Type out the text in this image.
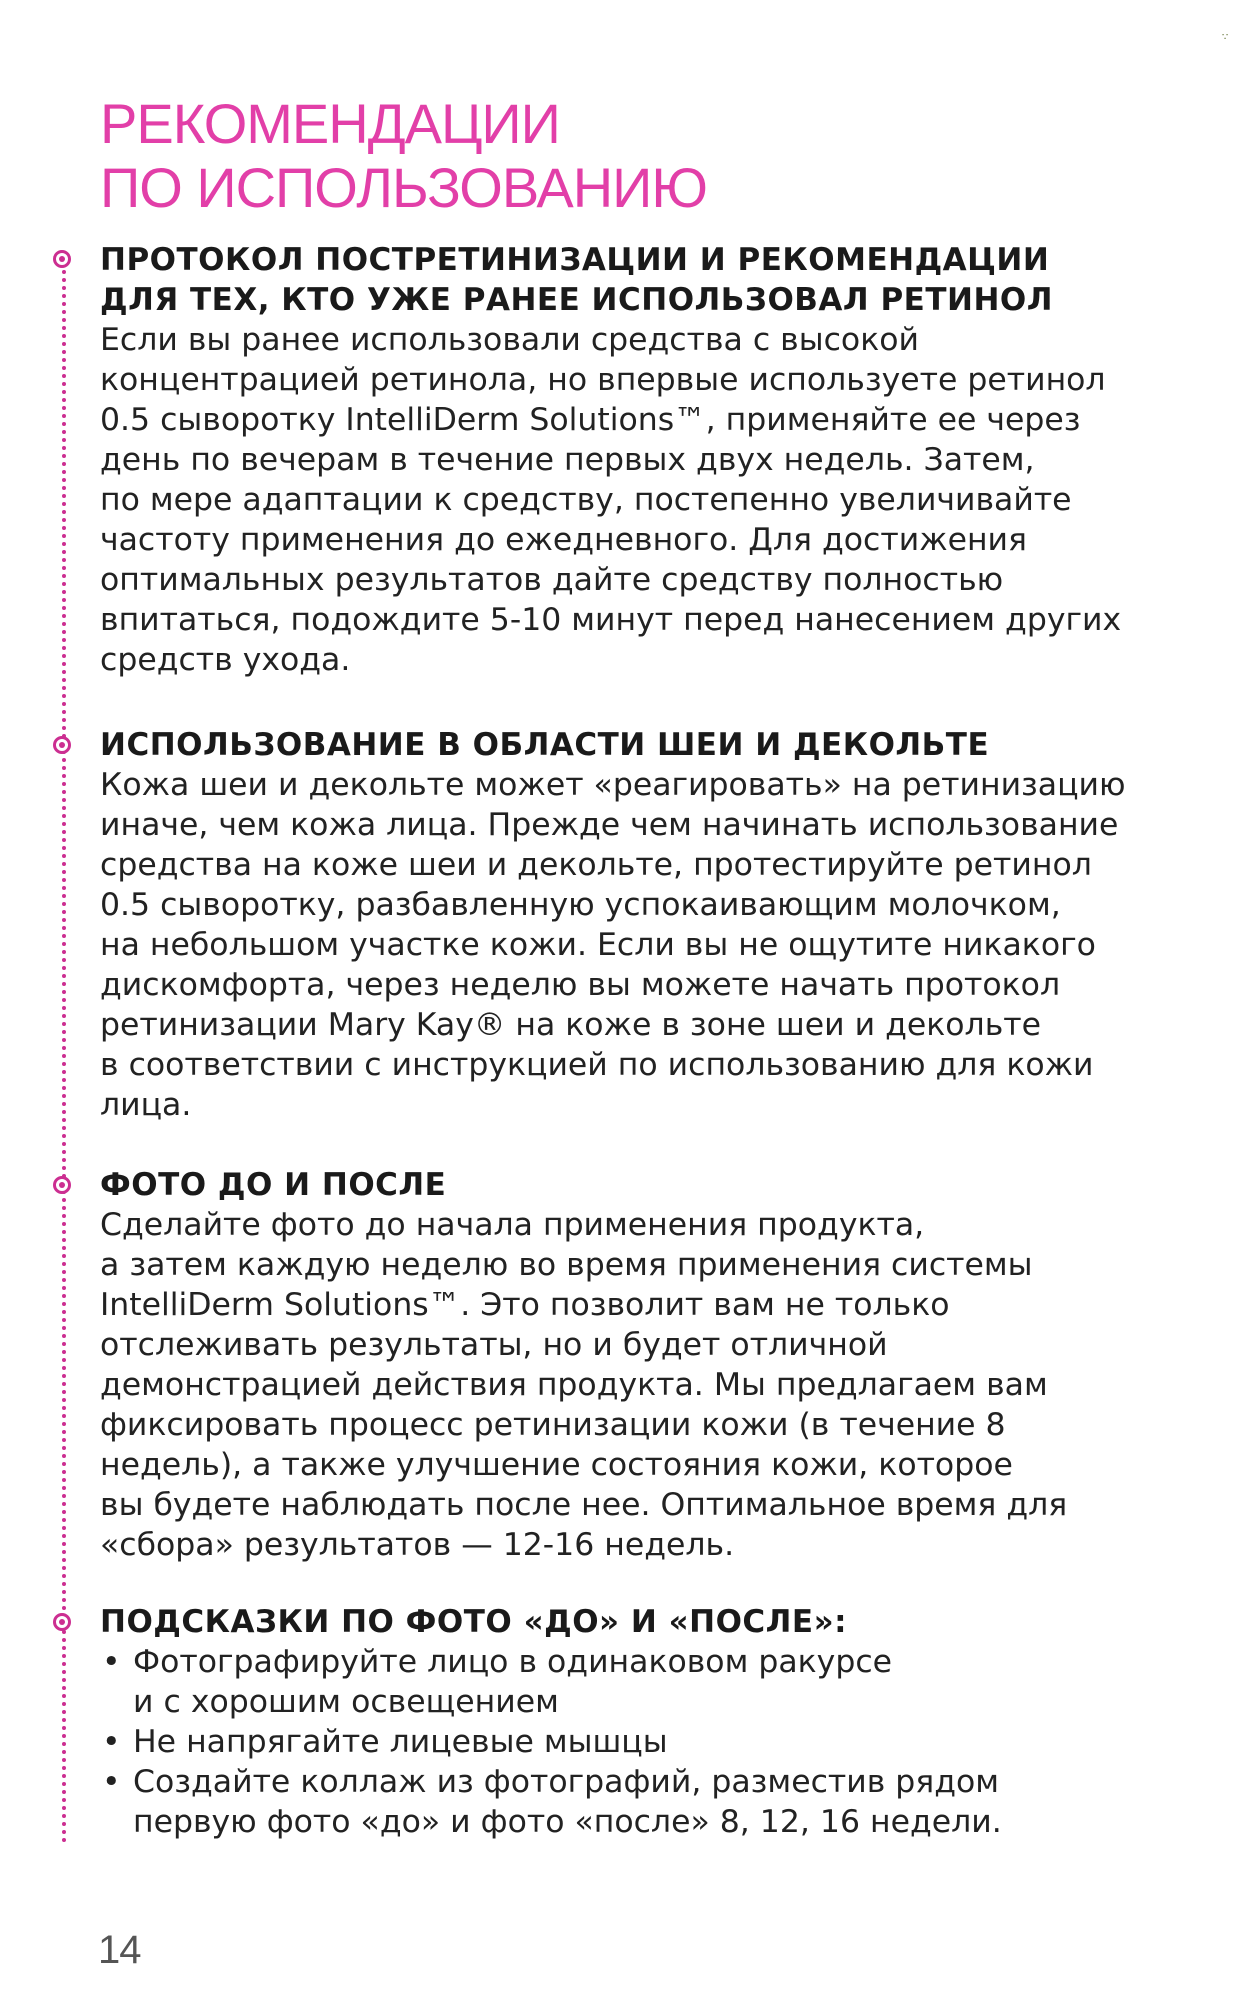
РЕКОМЕНДАЦИИ
ПО ИСПОЛЬЗОВАНИЮ
∵
ПРОТОКОЛ ПОСТРЕТИНИЗАЦИИ И РЕКОМЕНДАЦИИ
ДЛЯ ТЕХ, КТО УЖЕ РАНЕЕ ИСПОЛЬЗОВАЛ РЕТИНОЛ
Если вы ранее использовали средства с высокой
концентрацией ретинола, но впервые используете ретинол
0.5 сыворотку IntelliDerm Solutions™, применяйте ее через
день по вечерам в течение первых двух недель. Затем,
по мере адаптации к средству, постепенно увеличивайте
частоту применения до ежедневного. Для достижения
оптимальных результатов дайте средству полностью
впитаться, подождите 5-10 минут перед нанесением других
средств ухода.
ИСПОЛЬЗОВАНИЕ В ОБЛАСТИ ШЕИ И ДЕКОЛЬТЕ
Кожа шеи и декольте может «реагировать» на ретинизацию
иначе, чем кожа лица. Прежде чем начинать использование
средства на коже шеи и декольте, протестируйте ретинол
0.5 сыворотку, разбавленную успокаивающим молочком,
на небольшом участке кожи. Если вы не ощутите никакого
дискомфорта, через неделю вы можете начать протокол
ретинизации Mary Kay® на коже в зоне шеи и декольте
в соответствии с инструкцией по использованию для кожи
лица.
ФОТО ДО И ПОСЛЕ
Сделайте фото до начала применения продукта,
а затем каждую неделю во время применения системы
IntelliDerm Solutions™. Это позволит вам не только
отслеживать результаты, но и будет отличной
демонстрацией действия продукта. Мы предлагаем вам
фиксировать процесс ретинизации кожи (в течение 8
недель), а также улучшение состояния кожи, которое
вы будете наблюдать после нее. Оптимальное время для
«сбора» результатов — 12-16 недель.
ПОДСКАЗКИ ПО ФОТО «ДО» И «ПОСЛЕ»:
• Фотографируйте лицо в одинаковом ракурсе
и с хорошим освещением
• Не напрягайте лицевые мышцы
• Создайте коллаж из фотографий, разместив рядом
первую фото «до» и фото «после» 8, 12, 16 недели.
14
